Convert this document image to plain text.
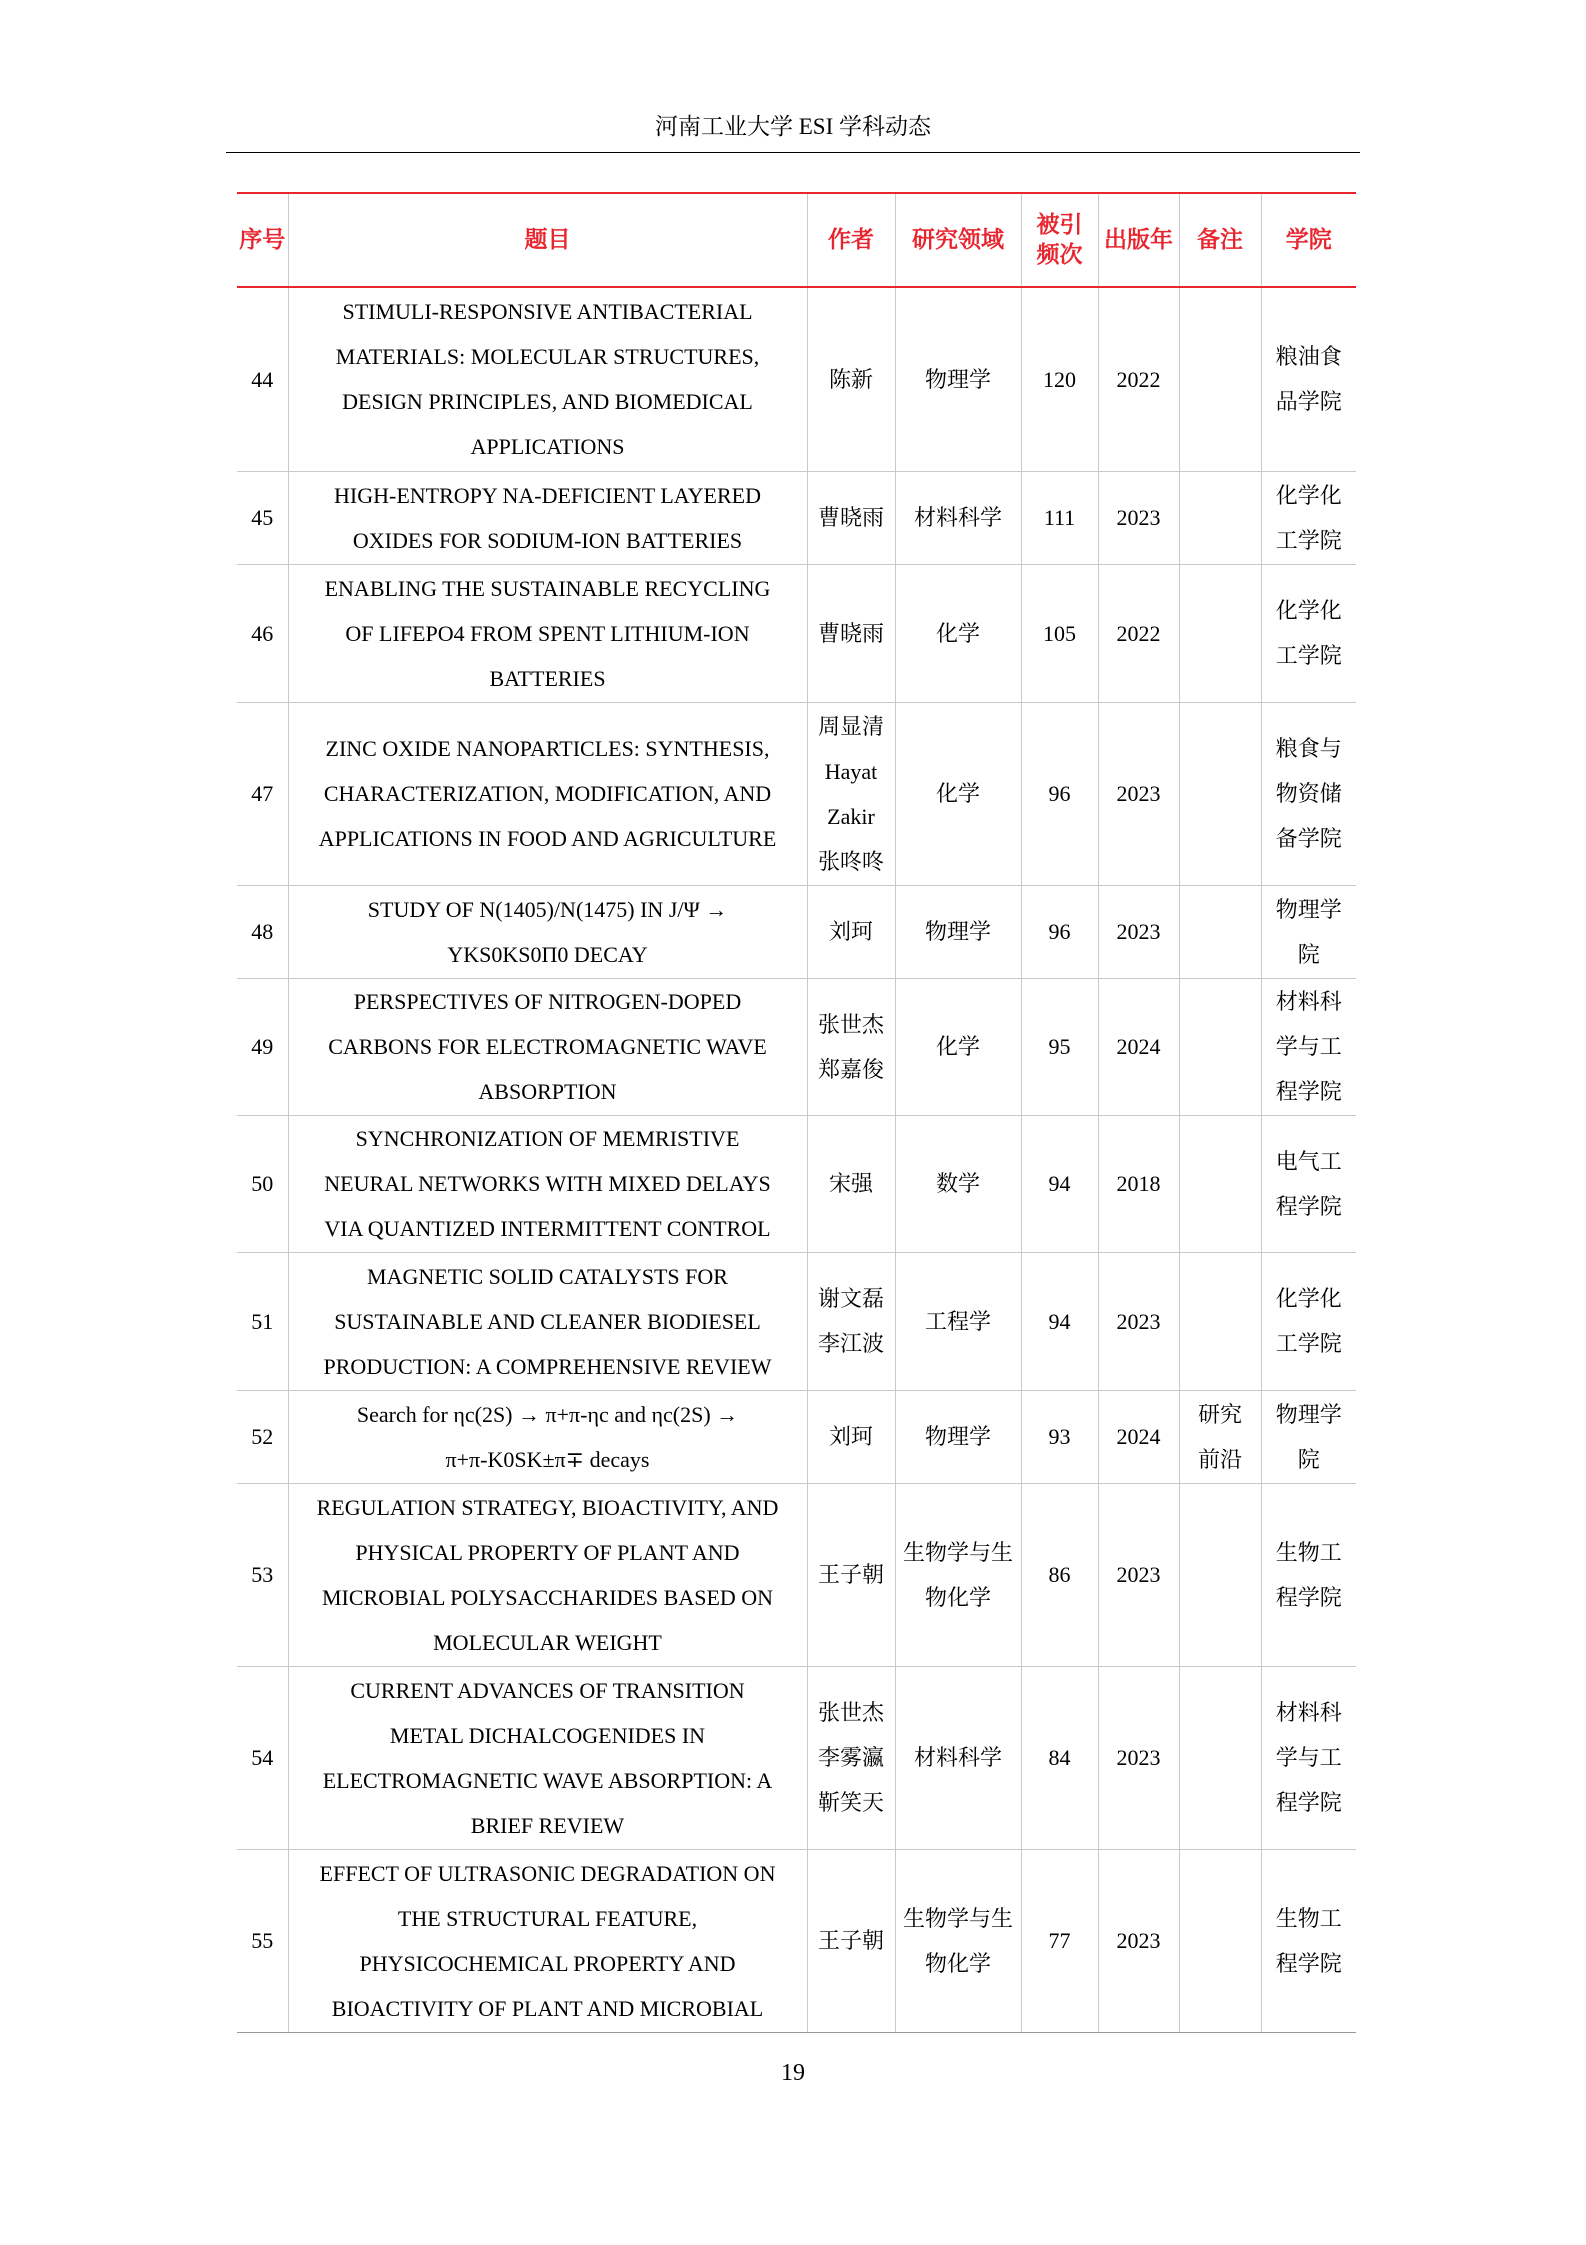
河南工业大学 ESI 学科动态
序号	题目	作者	研究领域	被引频次	出版年	备注	学院
44	STIMULI-RESPONSIVE ANTIBACTERIAL
MATERIALS: MOLECULAR STRUCTURES,
DESIGN PRINCIPLES, AND BIOMEDICAL
APPLICATIONS	陈新	物理学	120	2022		粮油食
品学院

45	HIGH-ENTROPY NA-DEFICIENT LAYERED
OXIDES FOR SODIUM-ION BATTERIES	曹晓雨	材料科学	111	2023		化学化
工学院

46	ENABLING THE SUSTAINABLE RECYCLING
OF LIFEPO4 FROM SPENT LITHIUM-ION
BATTERIES	曹晓雨	化学	105	2022		化学化
工学院

47	ZINC OXIDE NANOPARTICLES: SYNTHESIS,
CHARACTERIZATION, MODIFICATION, AND
APPLICATIONS IN FOOD AND AGRICULTURE	周显清
Hayat
Zakir
张咚咚	化学	96	2023		粮食与
物资储
备学院

48	STUDY OF N(1405)/N(1475) IN J/Ψ →
YKS0KS0Π0 DECAY	刘珂	物理学	96	2023		物理学
院

49	PERSPECTIVES OF NITROGEN-DOPED
CARBONS FOR ELECTROMAGNETIC WAVE
ABSORPTION	张世杰
郑嘉俊	化学	95	2024		材料科
学与工
程学院

50	SYNCHRONIZATION OF MEMRISTIVE
NEURAL NETWORKS WITH MIXED DELAYS
VIA QUANTIZED INTERMITTENT CONTROL	宋强	数学	94	2018		电气工
程学院

51	MAGNETIC SOLID CATALYSTS FOR
SUSTAINABLE AND CLEANER BIODIESEL
PRODUCTION: A COMPREHENSIVE REVIEW	谢文磊
李江波	工程学	94	2023		化学化
工学院

52	Search for ηc(2S) → π+π-ηc and ηc(2S) →
π+π-K0SK±π∓ decays	刘珂	物理学	93	2024	研究
前沿	物理学
院

53	REGULATION STRATEGY, BIOACTIVITY, AND
PHYSICAL PROPERTY OF PLANT AND
MICROBIAL POLYSACCHARIDES BASED ON
MOLECULAR WEIGHT	王子朝	生物学与生
物化学	86	2023		生物工
程学院

54	CURRENT ADVANCES OF TRANSITION
METAL DICHALCOGENIDES IN
ELECTROMAGNETIC WAVE ABSORPTION: A
BRIEF REVIEW	张世杰
李雾瀛
靳笑天	材料科学	84	2023		材料科
学与工
程学院

55	EFFECT OF ULTRASONIC DEGRADATION ON
THE STRUCTURAL FEATURE,
PHYSICOCHEMICAL PROPERTY AND
BIOACTIVITY OF PLANT AND MICROBIAL	王子朝	生物学与生
物化学	77	2023		生物工
程学院
19
